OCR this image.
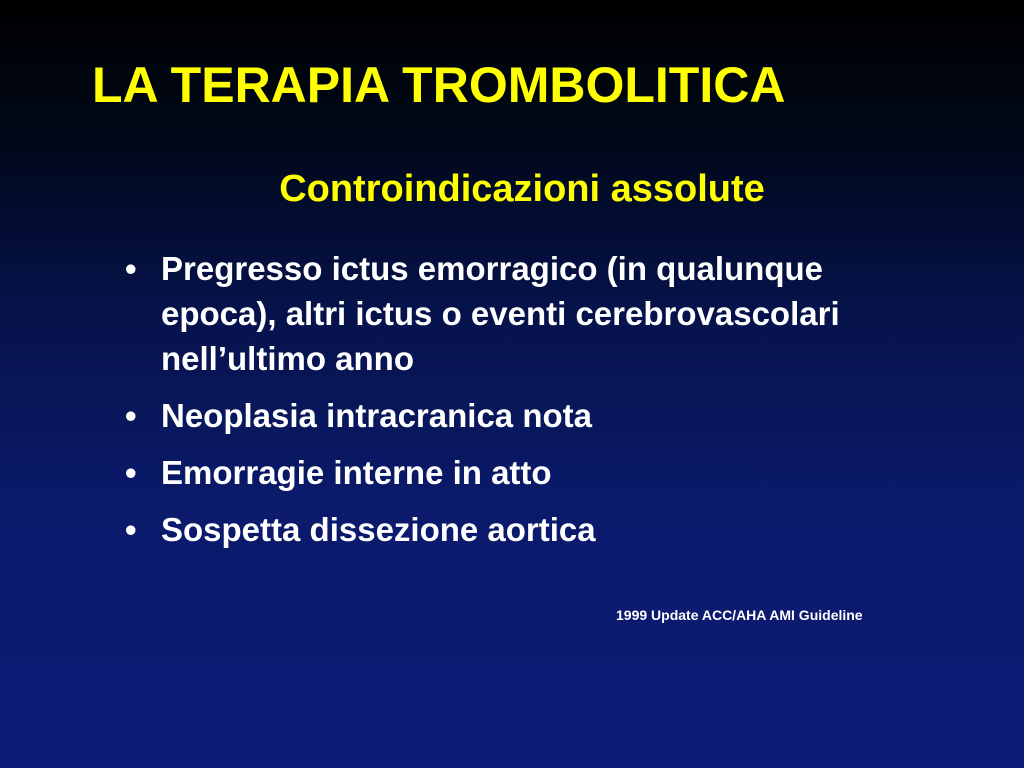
LA TERAPIA TROMBOLITICA
Controindicazioni assolute
• Pregresso ictus emorragico (in qualunque epoca), altri ictus o eventi cerebrovascolari nell’ultimo anno
• Neoplasia intracranica nota
• Emorragie interne in atto
• Sospetta dissezione aortica

1999 Update ACC/AHA AMI Guideline
